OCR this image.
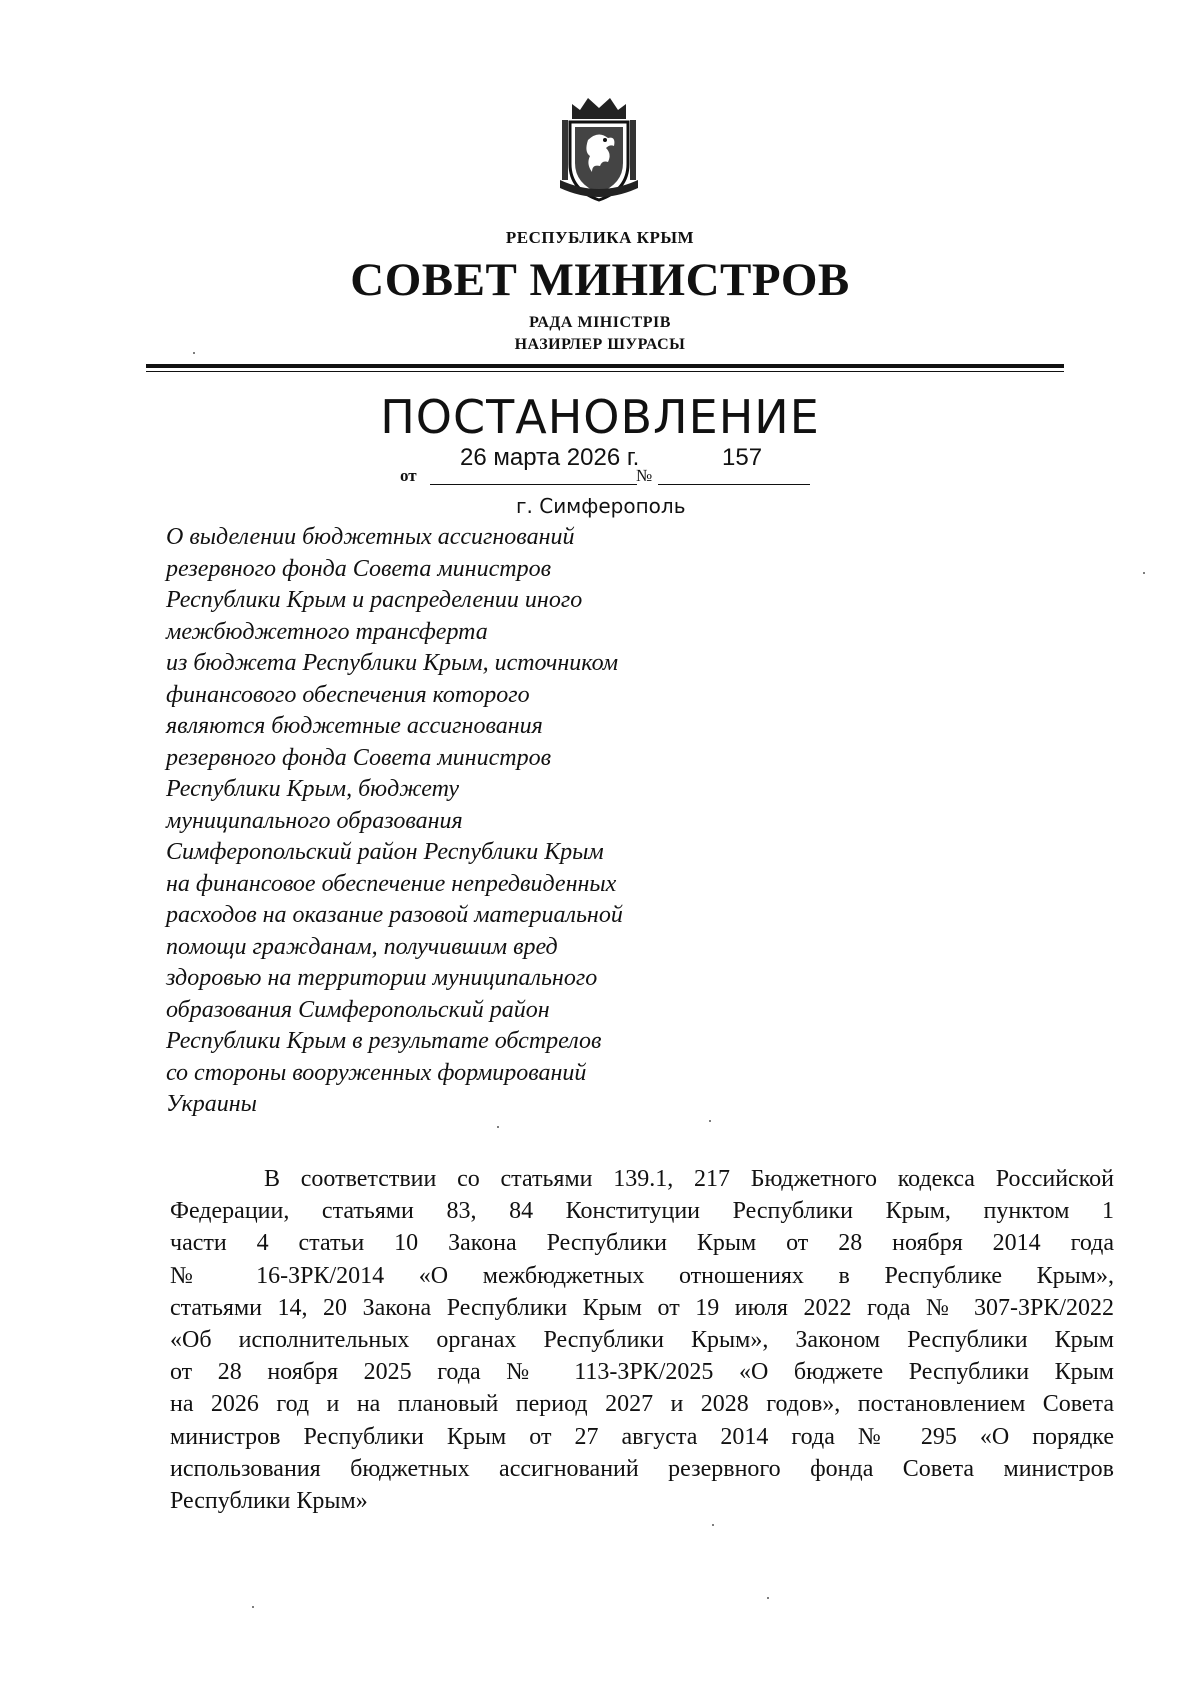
РЕСПУБЛИКА КРЫМ
СОВЕТ МИНИСТРОВ
РАДА МІНІСТРІВ
НАЗИРЛЕР ШУРАСЫ
ПОСТАНОВЛЕНИЕ
от
26 марта 2026 г.
№
157
г. Симферополь
О выделении бюджетных ассигнований
резервного фонда Совета министров
Республики Крым и распределении иного
межбюджетного трансферта
из бюджета Республики Крым, источником
финансового обеспечения которого
являются бюджетные ассигнования
резервного фонда Совета министров
Республики Крым, бюджету
муниципального образования
Симферопольский район Республики Крым
на финансовое обеспечение непредвиденных
расходов на оказание разовой материальной
помощи гражданам, получившим вред
здоровью на территории муниципального
образования Симферопольский район
Республики Крым в результате обстрелов
со стороны вооруженных формирований
Украины
В соответствии со статьями 139.1, 217 Бюджетного кодекса Российской
Федерации, статьями 83, 84 Конституции Республики Крым, пунктом 1
части 4 статьи 10 Закона Республики Крым от 28 ноября 2014 года
№ 16-ЗРК/2014 «О межбюджетных отношениях в Республике Крым»,
статьями 14, 20 Закона Республики Крым от 19 июля 2022 года № 307-ЗРК/2022
«Об исполнительных органах Республики Крым», Законом Республики Крым
от 28 ноября 2025 года № 113-ЗРК/2025 «О бюджете Республики Крым
на 2026 год и на плановый период 2027 и 2028 годов», постановлением Совета
министров Республики Крым от 27 августа 2014 года № 295 «О порядке
использования бюджетных ассигнований резервного фонда Совета министров
Республики Крым»
